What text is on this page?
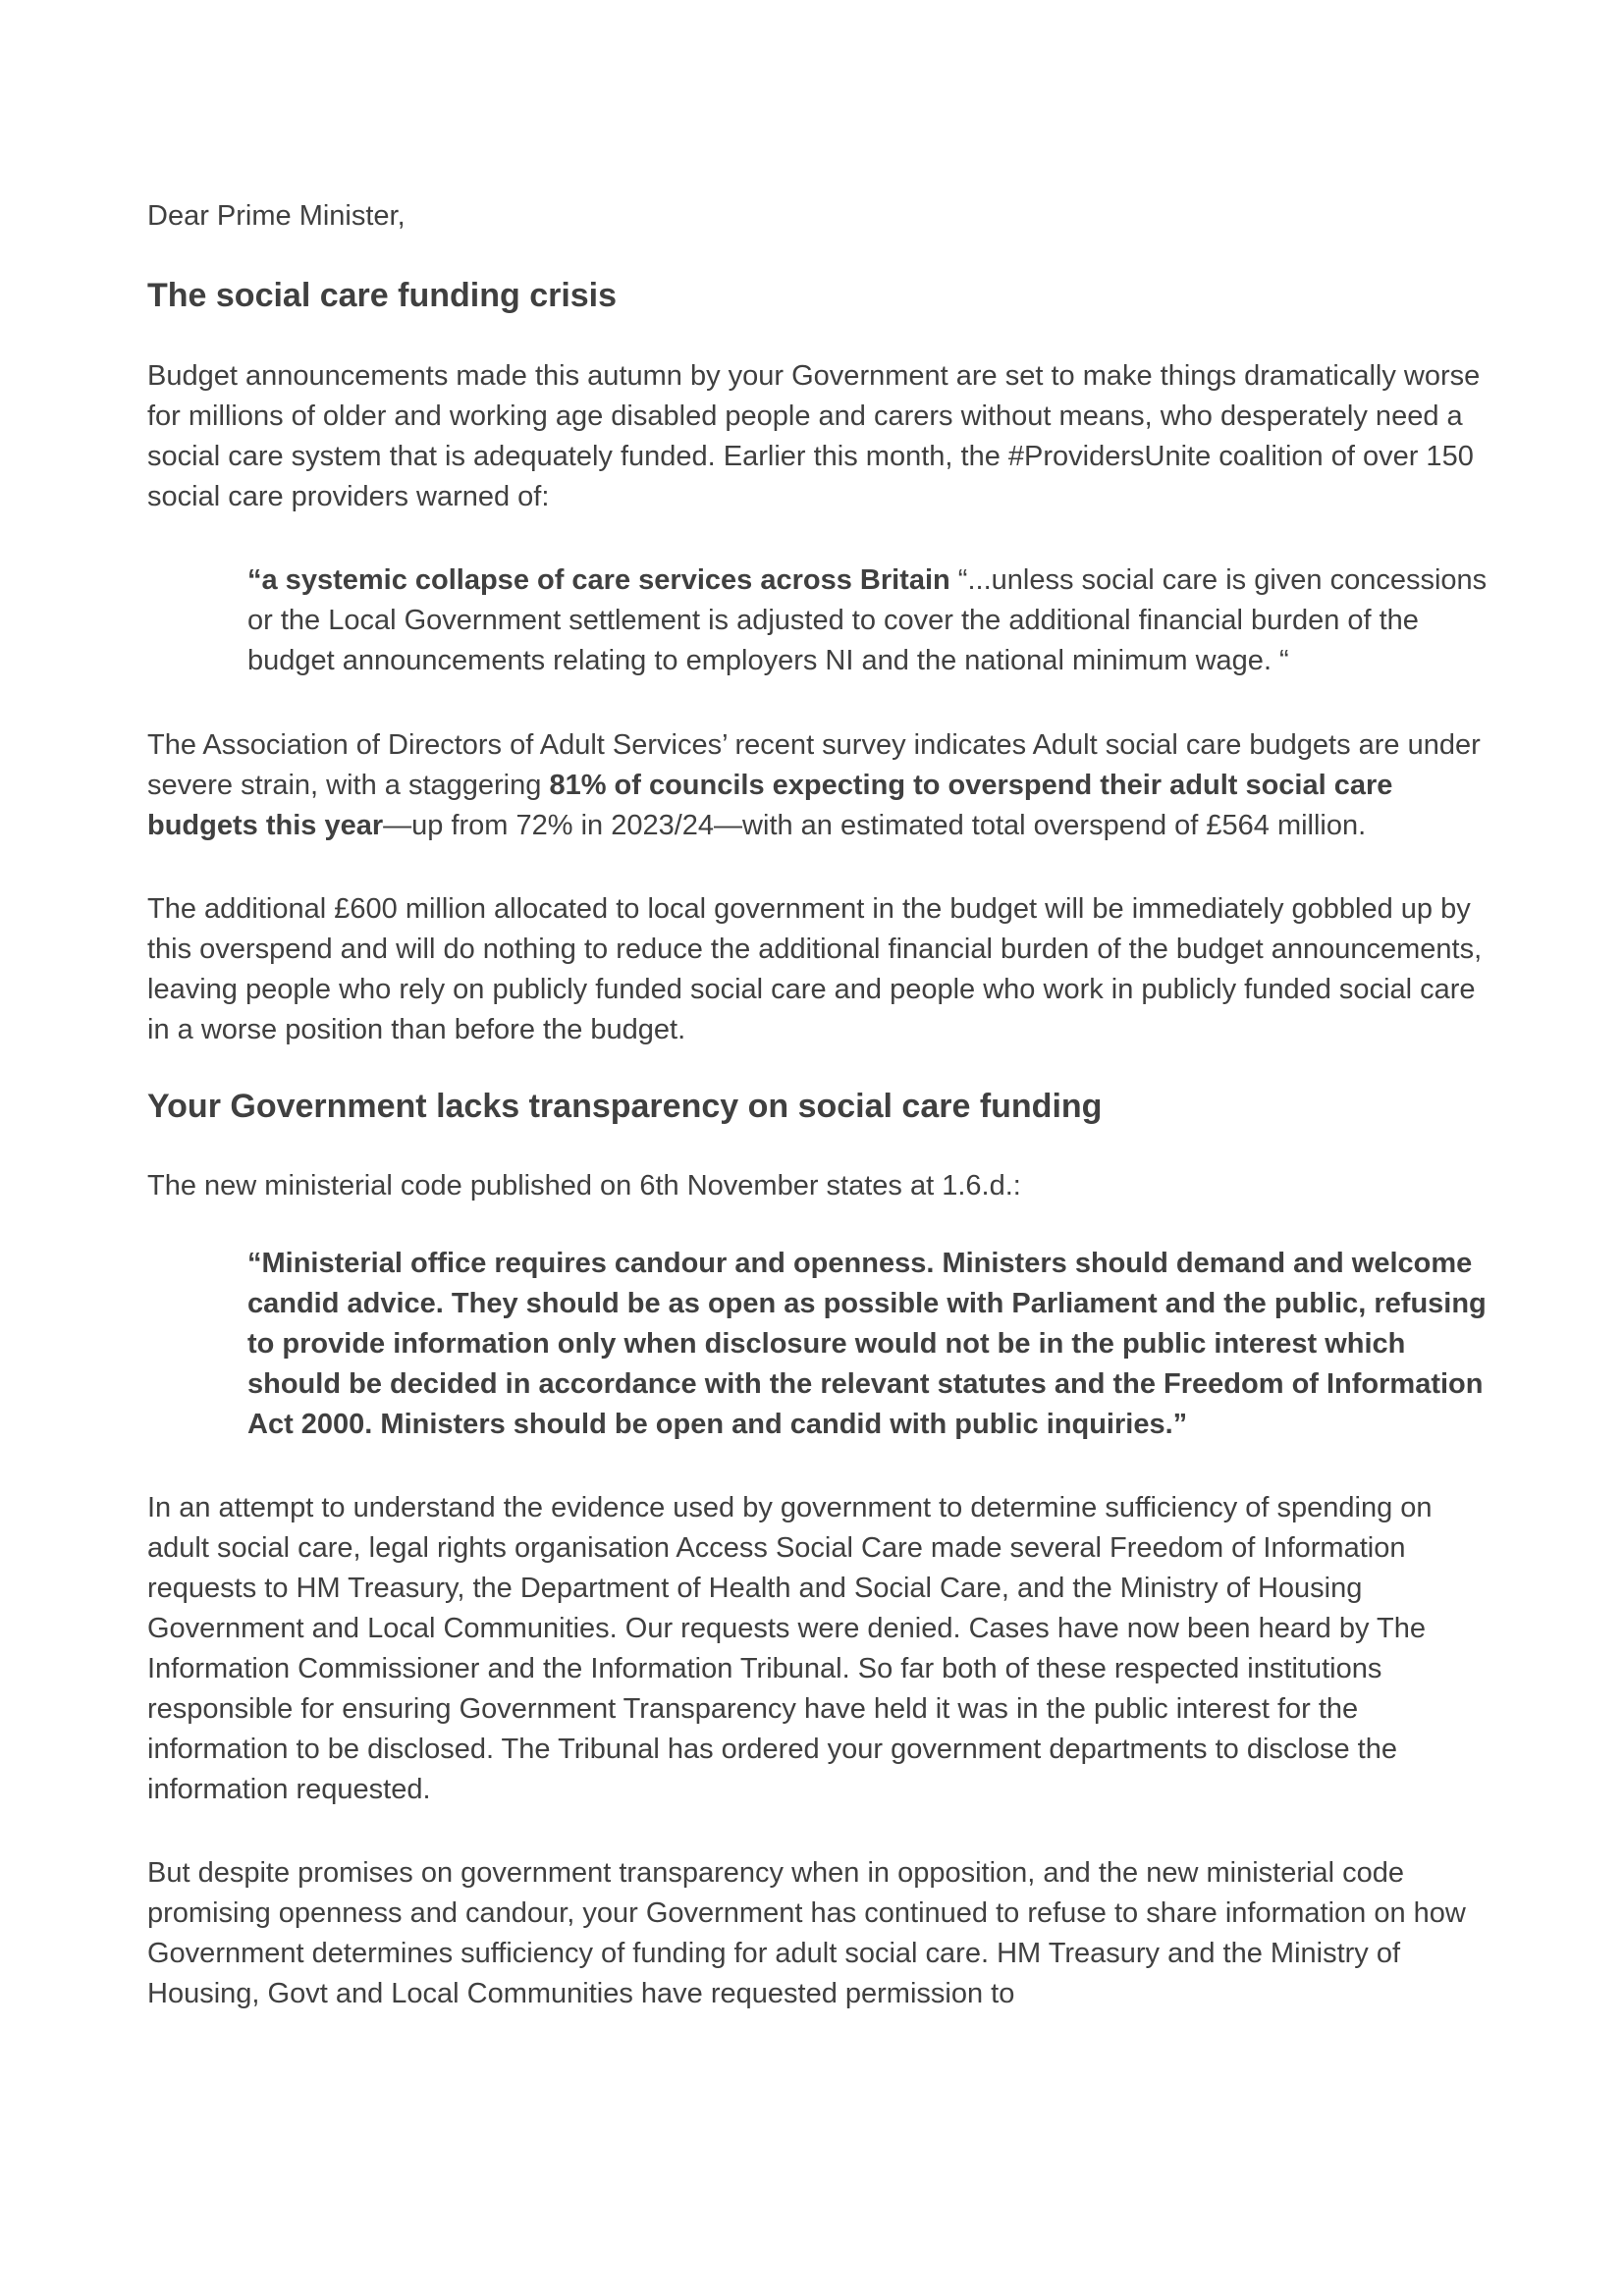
Dear Prime Minister,

The social care funding crisis

Budget announcements made this autumn by your Government are set to make things dramatically worse for millions of older and working age disabled people and carers without means, who desperately need a social care system that is adequately funded. Earlier this month, the #ProvidersUnite coalition of over 150 social care providers warned of:

“a systemic collapse of care services across Britain “...unless social care is given concessions or the Local Government settlement is adjusted to cover the additional financial burden of the budget announcements relating to employers NI and the national minimum wage. “

The Association of Directors of Adult Services’ recent survey indicates Adult social care budgets are under severe strain, with a staggering 81% of councils expecting to overspend their adult social care budgets this year—up from 72% in 2023/24—with an estimated total overspend of £564 million.

The additional £600 million allocated to local government in the budget will be immediately gobbled up by this overspend and will do nothing to reduce the additional financial burden of the budget announcements, leaving people who rely on publicly funded social care and people who work in publicly funded social care in a worse position than before the budget.

Your Government lacks transparency on social care funding

The new ministerial code published on 6th November states at 1.6.d.:

“Ministerial office requires candour and openness. Ministers should demand and welcome candid advice. They should be as open as possible with Parliament and the public, refusing to provide information only when disclosure would not be in the public interest which should be decided in accordance with the relevant statutes and the Freedom of Information Act 2000. Ministers should be open and candid with public inquiries.”

In an attempt to understand the evidence used by government to determine sufficiency of spending on adult social care, legal rights organisation Access Social Care made several Freedom of Information requests to HM Treasury, the Department of Health and Social Care, and the Ministry of Housing Government and Local Communities. Our requests were denied. Cases have now been heard by The Information Commissioner and the Information Tribunal. So far both of these respected institutions responsible for ensuring Government Transparency have held it was in the public interest for the information to be disclosed. The Tribunal has ordered your government departments to disclose the information requested.

But despite promises on government transparency when in opposition, and the new ministerial code promising openness and candour, your Government has continued to refuse to share information on how Government determines sufficiency of funding for adult social care. HM Treasury and the Ministry of Housing, Govt and Local Communities have requested permission to
